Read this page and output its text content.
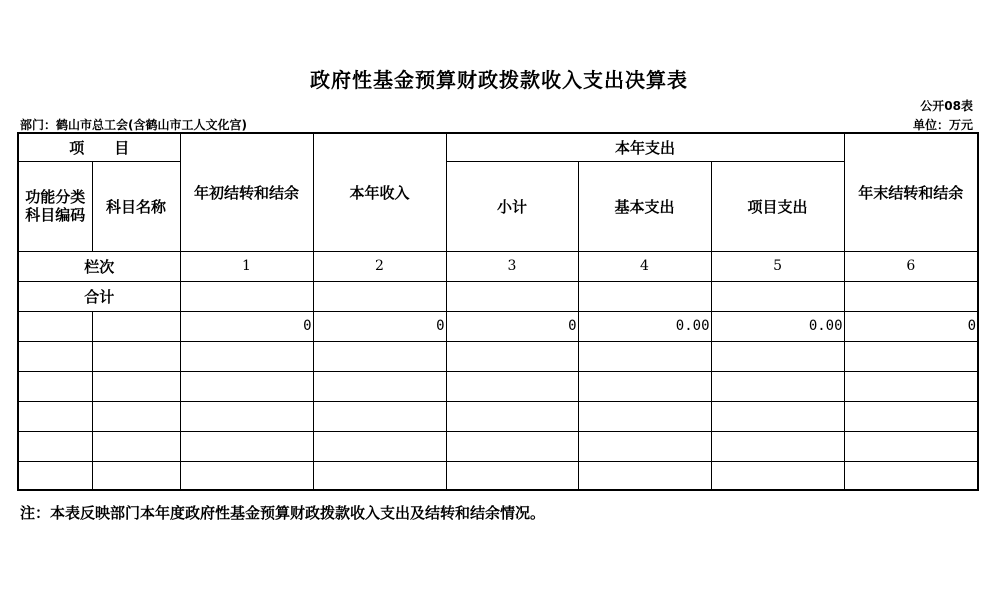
政府性基金预算财政拨款收入支出决算表
公开08表
部门：鹤山市总工会(含鹤山市工人文化宫)	单位：万元
项　　目		年初结转和结余	本年收入	本年支出			年末结转和结余
功能分类科目编码	科目名称			小计	基本支出	项目支出	
栏次		1	2	3	4	5	6
合计							
		0	0	0	0.00	0.00	0

注：本表反映部门本年度政府性基金预算财政拨款收入支出及结转和结余情况。
